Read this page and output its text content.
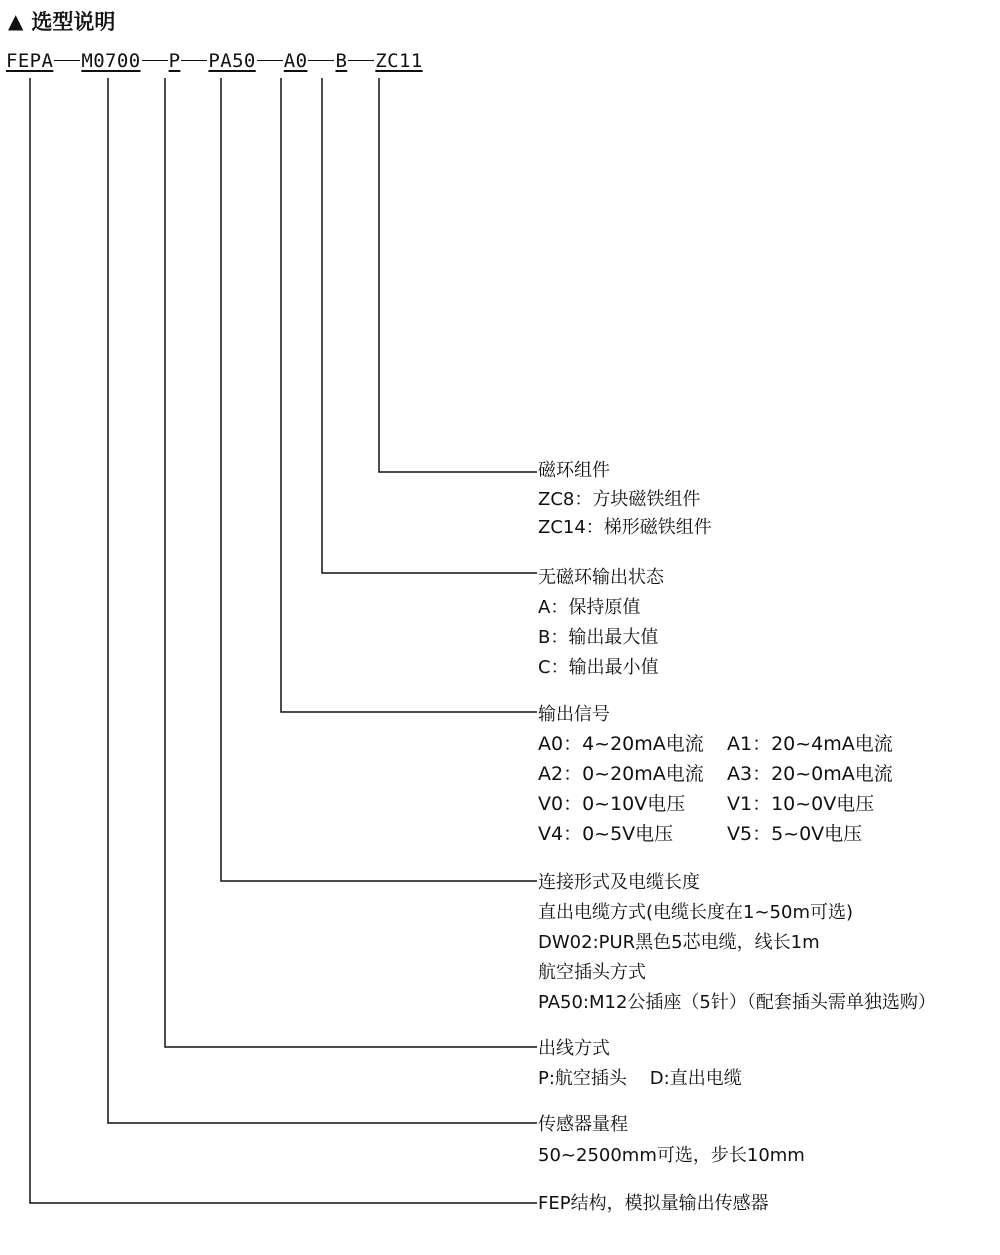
▲ 选型说明
FEPA M0700 P PA50 A0 B ZC11
磁环组件
ZC8：方块磁铁组件
ZC14：梯形磁铁组件
无磁环输出状态
A：保持原值
B：输出最大值
C：输出最小值
输出信号
A0：4~20mA电流 A1：20~4mA电流
A2：0~20mA电流 A3：20~0mA电流
V0：0~10V电压 V1：10~0V电压
V4：0~5V电压	V5：5~0V电压
连接形式及电缆长度
直出电缆方式(电缆长度在1~50m可选)
DW02:PUR黑色5芯电缆，线长1m
航空插头方式
PA50:M12公插座（5针）（配套插头需单独选购）
出线方式
P:航空插头    D:直出电缆
传感器量程
50~2500mm可选，步长10mm
FEP结构，模拟量输出传感器
